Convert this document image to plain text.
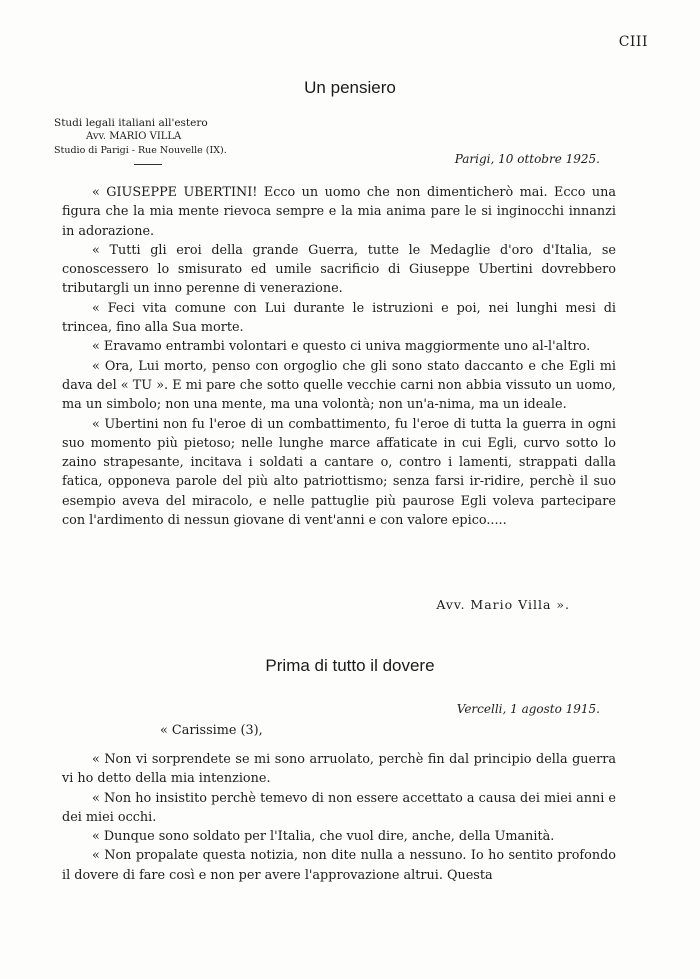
CIII
Un pensiero
Studi legali italiani all'estero
Avv. MARIO VILLA
Studio di Parigi - Rue Nouvelle (IX).
Parigi, 10 ottobre 1925.

« GIUSEPPE UBERTINI! Ecco un uomo che non dimenticherò mai. Ecco una figura che la mia mente rievoca sempre e la mia anima pare le si inginocchi innanzi in adorazione.

« Tutti gli eroi della grande Guerra, tutte le Medaglie d'oro d'Italia, se conoscessero lo smisurato ed umile sacrificio di Giuseppe Ubertini dovrebbero tributargli un inno perenne di venerazione.

« Feci vita comune con Lui durante le istruzioni e poi, nei lunghi mesi di trincea, fino alla Sua morte.

« Eravamo entrambi volontari e questo ci univa maggiormente uno al-l'altro.

« Ora, Lui morto, penso con orgoglio che gli sono stato daccanto e che Egli mi dava del « TU ». E mi pare che sotto quelle vecchie carni non abbia vissuto un uomo, ma un simbolo; non una mente, ma una volontà; non un'a-nima, ma un ideale.

« Ubertini non fu l'eroe di un combattimento, fu l'eroe di tutta la guerra in ogni suo momento più pietoso; nelle lunghe marce affaticate in cui Egli, curvo sotto lo zaino strapesante, incitava i soldati a cantare o, contro i lamenti, strappati dalla fatica, opponeva parole del più alto patriottismo; senza farsi ir-ridire, perchè il suo esempio aveva del miracolo, e nelle pattuglie più paurose Egli voleva partecipare con l'ardimento di nessun giovane di vent'anni e con valore epico.....

Avv. Mario Villa ».
Prima di tutto il dovere
Vercelli, 1 agosto 1915.
« Carissime (3),

« Non vi sorprendete se mi sono arruolato, perchè fin dal principio della guerra vi ho detto della mia intenzione.

« Non ho insistito perchè temevo di non essere accettato a causa dei miei anni e dei miei occhi.

« Dunque sono soldato per l'Italia, che vuol dire, anche, della Umanità.

« Non propalate questa notizia, non dite nulla a nessuno. Io ho sentito profondo il dovere di fare così e non per avere l'approvazione altrui. Questa
